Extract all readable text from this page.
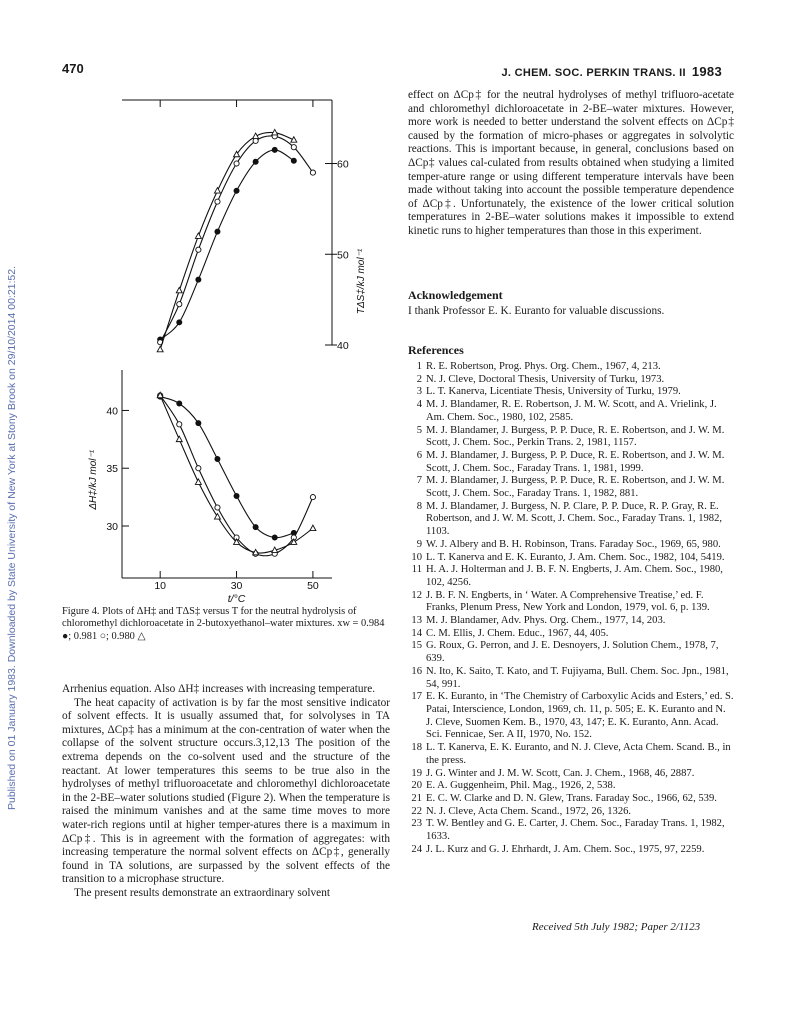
Published on 01 January 1983. Downloaded by State University of New York at Stony Brook on 29/10/2014 00:21:52.
470	J. CHEM. SOC. PERKIN TRANS. II 1983
40
50
60
TΔS‡/kJ mol⁻¹
30
35
40
10	30	50
t/°C
ΔH‡/kJ mol⁻¹
Figure 4. Plots of ΔH‡ and TΔS‡ versus T for the neutral hydrolysis of chloromethyl dichloroacetate in 2-butoxyethanol–water mixtures. xw = 0.984 ●; 0.981 ○; 0.980 △

Arrhenius equation. Also ΔH‡ increases with increasing temperature.

The heat capacity of activation is by far the most sensitive indicator of solvent effects. It is usually assumed that, for solvolyses in TA mixtures, ΔCp‡ has a minimum at the con-centration of water when the collapse of the solvent structure occurs.3,12,13 The position of the extrema depends on the co-solvent used and the structure of the reactant. At lower temperatures this seems to be true also in the hydrolyses of methyl trifluoroacetate and chloromethyl dichloroacetate in the 2-BE–water solutions studied (Figure 2). When the temperature is raised the minimum vanishes and at the same time moves to more water-rich regions until at higher temper-atures there is a maximum in ΔCp‡. This is in agreement with the formation of aggregates: with increasing temperature the normal solvent effects on ΔCp‡, generally found in TA solutions, are surpassed by the solvent effects of the transition to a microphase structure.

The present results demonstrate an extraordinary solvent

effect on ΔCp‡ for the neutral hydrolyses of methyl trifluoro-acetate and chloromethyl dichloroacetate in 2-BE–water mixtures. However, more work is needed to better understand the solvent effects on ΔCp‡ caused by the formation of micro-phases or aggregates in solvolytic reactions. This is important because, in general, conclusions based on ΔCp‡ values cal-culated from results obtained when studying a limited temper-ature range or using different temperature intervals have been made without taking into account the possible temperature dependence of ΔCp‡. Unfortunately, the existence of the lower critical solution temperatures in 2-BE–water solutions makes it impossible to extend kinetic runs to higher temperatures than those in this experiment.

Acknowledgement

I thank Professor E. K. Euranto for valuable discussions.

References
1 R. E. Robertson, Prog. Phys. Org. Chem., 1967, 4, 213.
2 N. J. Cleve, Doctoral Thesis, University of Turku, 1973.
3 L. T. Kanerva, Licentiate Thesis, University of Turku, 1979.
4 M. J. Blandamer, R. E. Robertson, J. M. W. Scott, and A. Vrielink, J. Am. Chem. Soc., 1980, 102, 2585.
5 M. J. Blandamer, J. Burgess, P. P. Duce, R. E. Robertson, and J. W. M. Scott, J. Chem. Soc., Perkin Trans. 2, 1981, 1157.
6 M. J. Blandamer, J. Burgess, P. P. Duce, R. E. Robertson, and J. W. M. Scott, J. Chem. Soc., Faraday Trans. 1, 1981, 1999.
7 M. J. Blandamer, J. Burgess, P. P. Duce, R. E. Robertson, and J. W. M. Scott, J. Chem. Soc., Faraday Trans. 1, 1982, 881.
8 M. J. Blandamer, J. Burgess, N. P. Clare, P. P. Duce, R. P. Gray, R. E. Robertson, and J. W. M. Scott, J. Chem. Soc., Faraday Trans. 1, 1982, 1103.
9 W. J. Albery and B. H. Robinson, Trans. Faraday Soc., 1969, 65, 980.
10 L. T. Kanerva and E. K. Euranto, J. Am. Chem. Soc., 1982, 104, 5419.
11 H. A. J. Holterman and J. B. F. N. Engberts, J. Am. Chem. Soc., 1980, 102, 4256.
12 J. B. F. N. Engberts, in ‘ Water. A Comprehensive Treatise,’ ed. F. Franks, Plenum Press, New York and London, 1979, vol. 6, p. 139.
13 M. J. Blandamer, Adv. Phys. Org. Chem., 1977, 14, 203.
14 C. M. Ellis, J. Chem. Educ., 1967, 44, 405.
15 G. Roux, G. Perron, and J. E. Desnoyers, J. Solution Chem., 1978, 7, 639.
16 N. Ito, K. Saito, T. Kato, and T. Fujiyama, Bull. Chem. Soc. Jpn., 1981, 54, 991.
17 E. K. Euranto, in ‘The Chemistry of Carboxylic Acids and Esters,’ ed. S. Patai, Interscience, London, 1969, ch. 11, p. 505; E. K. Euranto and N. J. Cleve, Suomen Kem. B., 1970, 43, 147; E. K. Euranto, Ann. Acad. Sci. Fennicae, Ser. A II, 1970, No. 152.
18 L. T. Kanerva, E. K. Euranto, and N. J. Cleve, Acta Chem. Scand. B., in the press.
19 J. G. Winter and J. M. W. Scott, Can. J. Chem., 1968, 46, 2887.
20 E. A. Guggenheim, Phil. Mag., 1926, 2, 538.
21 E. C. W. Clarke and D. N. Glew, Trans. Faraday Soc., 1966, 62, 539.
22 N. J. Cleve, Acta Chem. Scand., 1972, 26, 1326.
23 T. W. Bentley and G. E. Carter, J. Chem. Soc., Faraday Trans. 1, 1982, 1633.
24 J. L. Kurz and G. J. Ehrhardt, J. Am. Chem. Soc., 1975, 97, 2259.
Received 5th July 1982; Paper 2/1123
